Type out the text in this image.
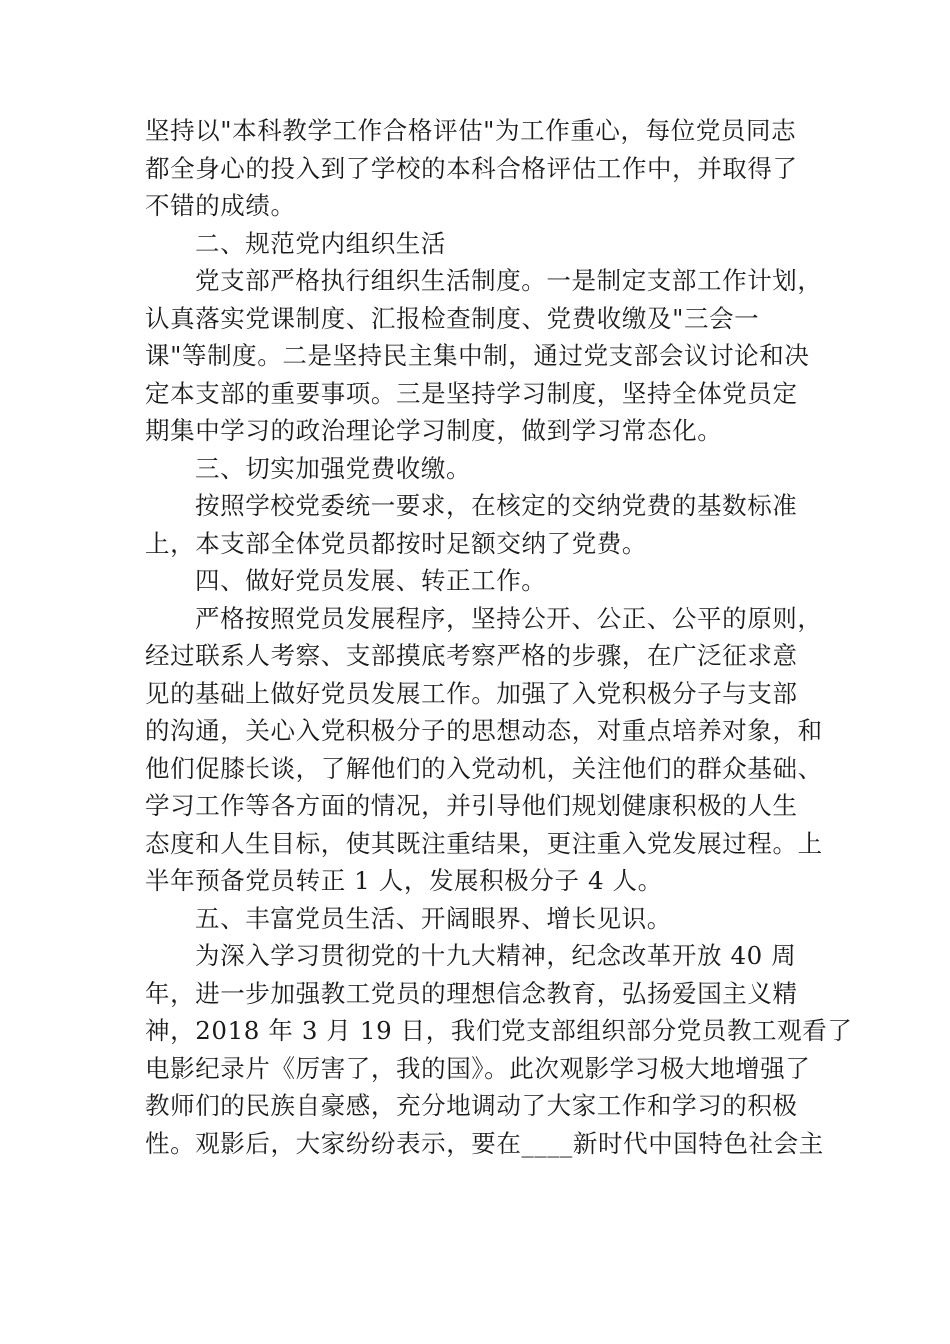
坚持以"本科教学工作合格评估"为工作重心，每位党员同志
都全身心的投入到了学校的本科合格评估工作中，并取得了
不错的成绩。
二、规范党内组织生活
党支部严格执行组织生活制度。一是制定支部工作计划，
认真落实党课制度、汇报检查制度、党费收缴及"三会一
课"等制度。二是坚持民主集中制，通过党支部会议讨论和决
定本支部的重要事项。三是坚持学习制度，坚持全体党员定
期集中学习的政治理论学习制度，做到学习常态化。
三、切实加强党费收缴。
按照学校党委统一要求，在核定的交纳党费的基数标准
上，本支部全体党员都按时足额交纳了党费。
四、做好党员发展、转正工作。
严格按照党员发展程序，坚持公开、公正、公平的原则，
经过联系人考察、支部摸底考察严格的步骤，在广泛征求意
见的基础上做好党员发展工作。加强了入党积极分子与支部
的沟通，关心入党积极分子的思想动态，对重点培养对象，和
他们促膝长谈，了解他们的入党动机，关注他们的群众基础、
学习工作等各方面的情况，并引导他们规划健康积极的人生
态度和人生目标，使其既注重结果，更注重入党发展过程。上
半年预备党员转正 1 人，发展积极分子 4 人。
五、丰富党员生活、开阔眼界、增长见识。
为深入学习贯彻党的十九大精神，纪念改革开放 40 周
年，进一步加强教工党员的理想信念教育，弘扬爱国主义精
神，2018 年 3 月 19 日，我们党支部组织部分党员教工观看了
电影纪录片《厉害了，我的国》。此次观影学习极大地增强了
教师们的民族自豪感，充分地调动了大家工作和学习的积极
性。观影后，大家纷纷表示，要在____新时代中国特色社会主
